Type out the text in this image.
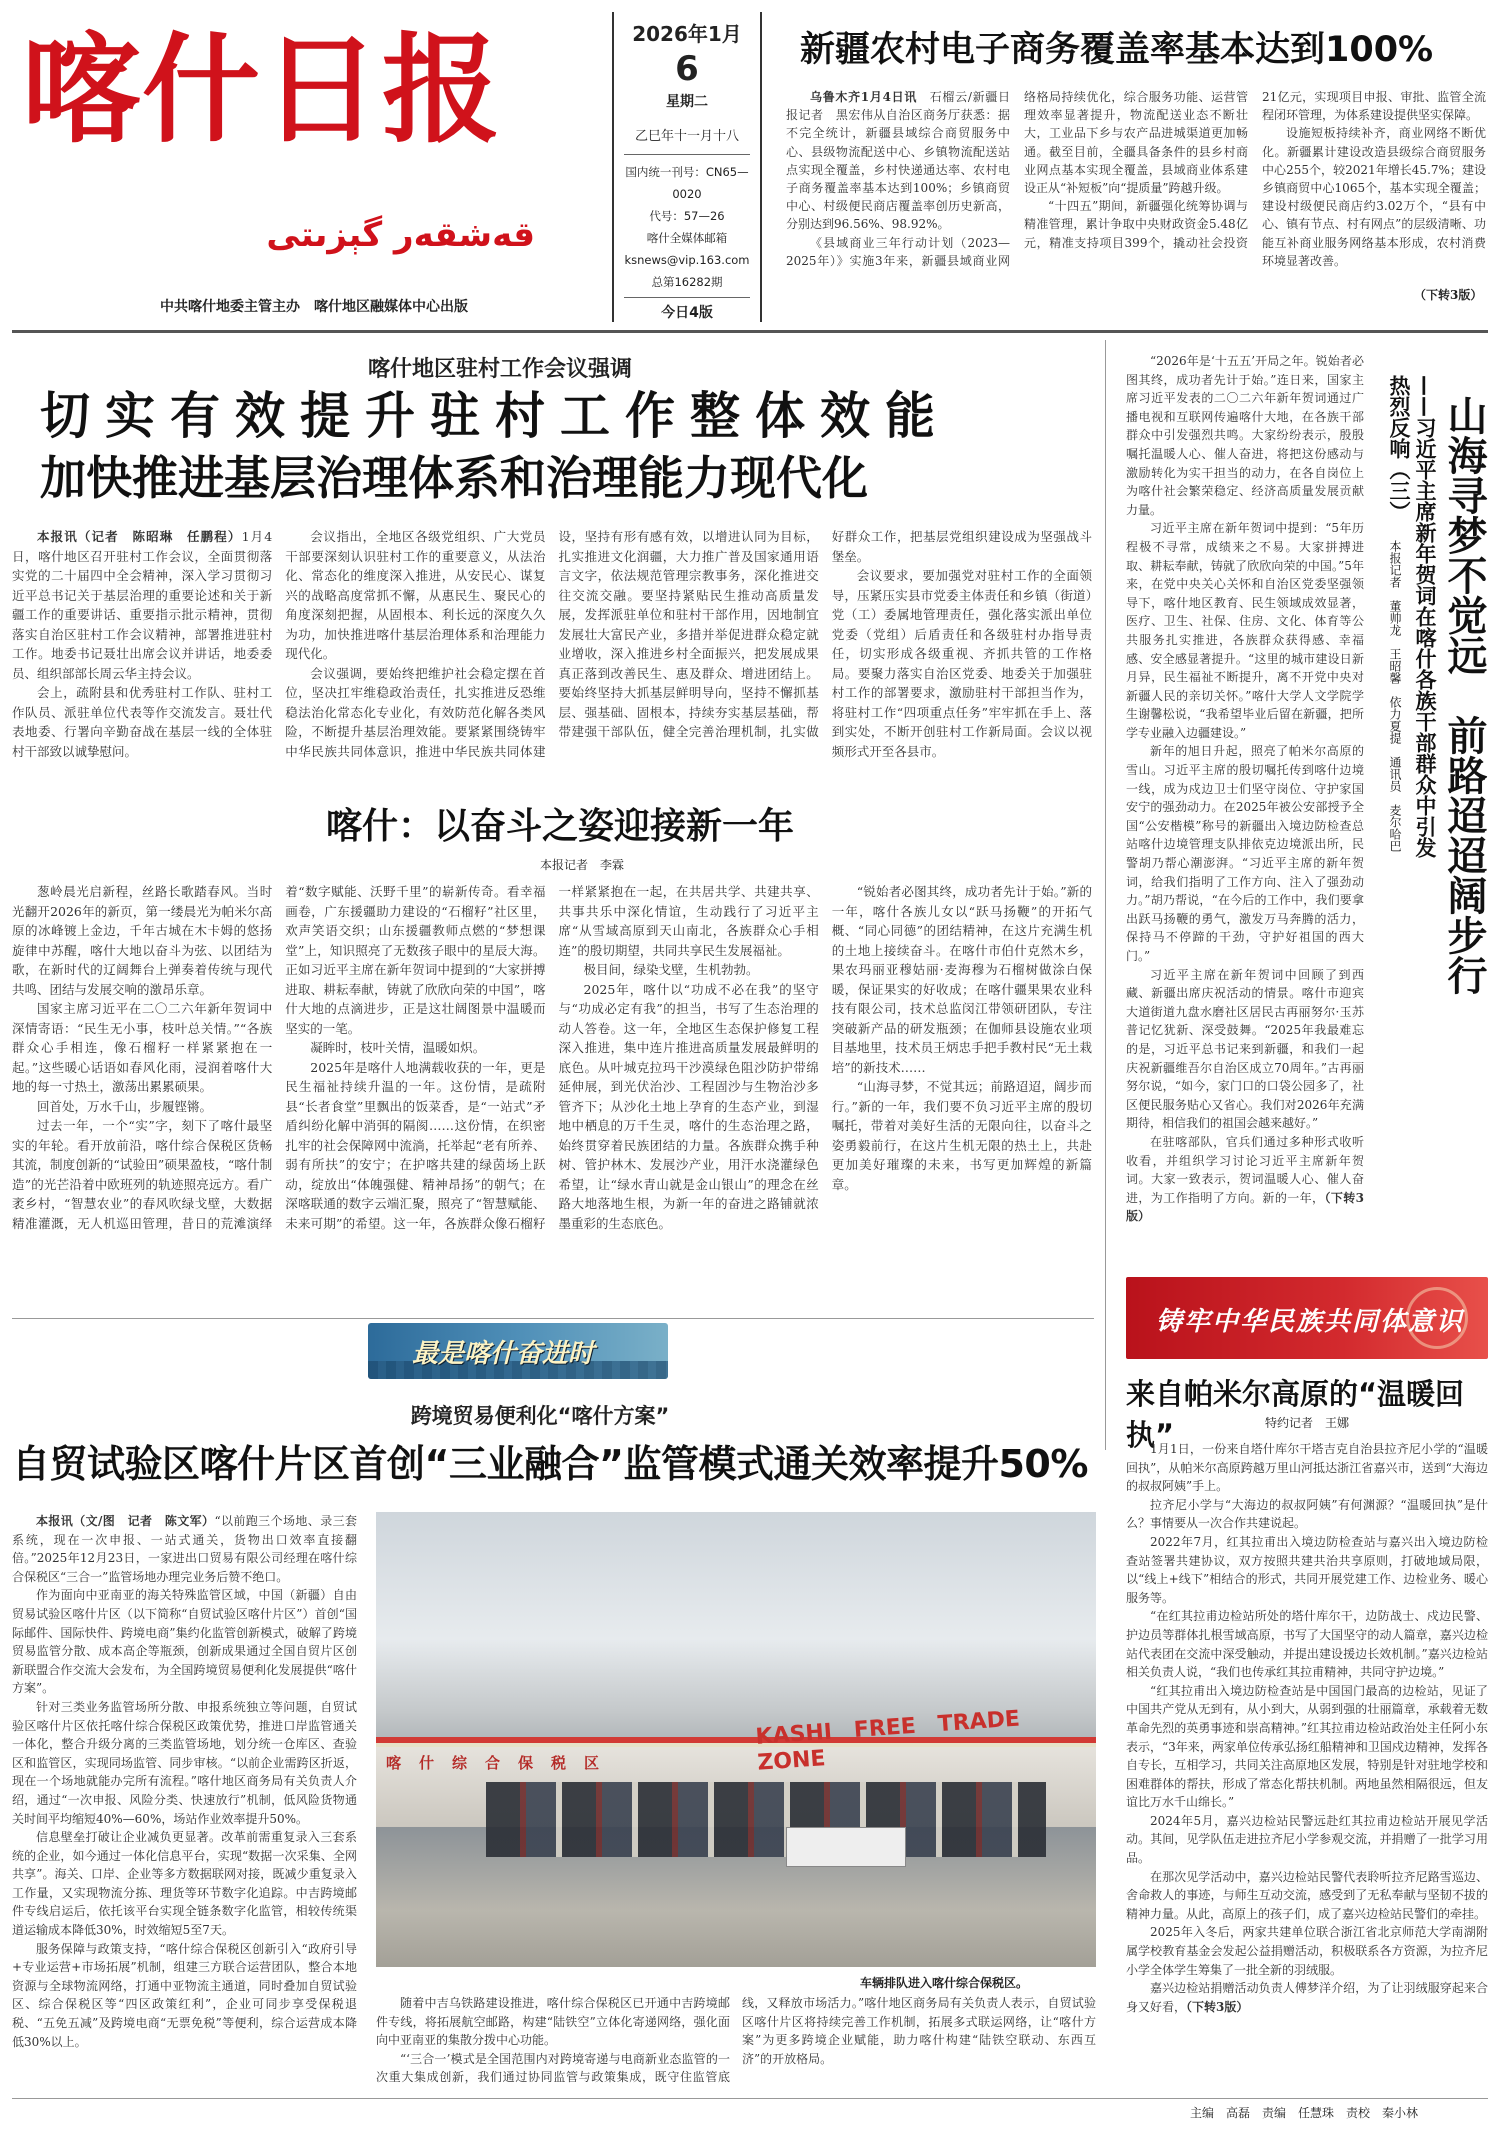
喀什日报
قەشقەر گېزىتى
中共喀什地委主管主办　喀什地区融媒体中心出版
2026年1月
6
星期二
乙巳年十一月十八
国内统一刊号：CN65—0020
代号：57—26
喀什全媒体邮箱
ksnews@vip.163.com
总第16282期
今日4版
新疆农村电子商务覆盖率基本达到100%

乌鲁木齐1月4日讯　 石榴云/新疆日报记者　黑宏伟从自治区商务厅获悉：据不完全统计，新疆县域综合商贸服务中心、县级物流配送中心、乡镇物流配送站点实现全覆盖，乡村快递通达率、农村电子商务覆盖率基本达到100%；乡镇商贸中心、村级便民商店覆盖率创历史新高，分别达到96.56%、98.92%。

《县域商业三年行动计划（2023—2025年）》实施3年来，新疆县域商业网络格局持续优化，综合服务功能、运营管理效率显著提升，物流配送业态不断壮大，工业品下乡与农产品进城渠道更加畅通。截至目前，全疆具备条件的县乡村商业网点基本实现全覆盖，县域商业体系建设正从“补短板”向“提质量”跨越升级。

“十四五”期间，新疆强化统筹协调与精准管理，累计争取中央财政资金5.48亿元，精准支持项目399个，撬动社会投资21亿元，实现项目申报、审批、监管全流程闭环管理，为体系建设提供坚实保障。

设施短板持续补齐，商业网络不断优化。新疆累计建设改造县级综合商贸服务中心255个，较2021年增长45.7%；建设乡镇商贸中心1065个，基本实现全覆盖；建设村级便民商店约3.02万个，“县有中心、镇有节点、村有网点”的层级清晰、功能互补商业服务网络基本形成，农村消费环境显著改善。

（下转3版）
喀什地区驻村工作会议强调
切实有效提升驻村工作整体效能
加快推进基层治理体系和治理能力现代化

本报讯（记者　陈昭琳　任鹏程）1月4日，喀什地区召开驻村工作会议，全面贯彻落实党的二十届四中全会精神，深入学习贯彻习近平总书记关于基层治理的重要论述和关于新疆工作的重要讲话、重要指示批示精神，贯彻落实自治区驻村工作会议精神，部署推进驻村工作。地委书记聂壮出席会议并讲话，地委委员、组织部部长周云华主持会议。

会上，疏附县和优秀驻村工作队、驻村工作队员、派驻单位代表等作交流发言。聂壮代表地委、行署向辛勤奋战在基层一线的全体驻村干部致以诚挚慰问。

会议指出，全地区各级党组织、广大党员干部要深刻认识驻村工作的重要意义，从法治化、常态化的维度深入推进，从安民心、谋复兴的战略高度常抓不懈，从惠民生、聚民心的角度深刻把握，从固根本、利长远的深度久久为功，加快推进喀什基层治理体系和治理能力现代化。

会议强调，要始终把维护社会稳定摆在首位，坚决扛牢维稳政治责任，扎实推进反恐维稳法治化常态化专业化，有效防范化解各类风险，不断提升基层治理效能。要紧紧围绕铸牢中华民族共同体意识，推进中华民族共同体建设，坚持有形有感有效，以增进认同为目标，扎实推进文化润疆，大力推广普及国家通用语言文字，依法规范管理宗教事务，深化推进交往交流交融。要坚持紧贴民生推动高质量发展，发挥派驻单位和驻村干部作用，因地制宜发展壮大富民产业，多措并举促进群众稳定就业增收，深入推进乡村全面振兴，把发展成果真正落到改善民生、惠及群众、增进团结上。要始终坚持大抓基层鲜明导向，坚持不懈抓基层、强基础、固根本，持续夯实基层基础，帮带建强干部队伍，健全完善治理机制，扎实做好群众工作，把基层党组织建设成为坚强战斗堡垒。

会议要求，要加强党对驻村工作的全面领导，压紧压实县市党委主体责任和乡镇（街道）党（工）委属地管理责任，强化落实派出单位党委（党组）后盾责任和各级驻村办指导责任，切实形成各级重视、齐抓共管的工作格局。要聚力落实自治区党委、地委关于加强驻村工作的部署要求，激励驻村干部担当作为，将驻村工作“四项重点任务”牢牢抓在手上、落到实处，不断开创驻村工作新局面。会议以视频形式开至各县市。

喀什：以奋斗之姿迎接新一年
本报记者　李霖

葱岭晨光启新程，丝路长歌踏春风。当时光翻开2026年的新页，第一缕晨光为帕米尔高原的冰峰镀上金边，千年古城在木卡姆的悠扬旋律中苏醒，喀什大地以奋斗为弦、以团结为歌，在新时代的辽阔舞台上弹奏着传统与现代共鸣、团结与发展交响的激昂乐章。

国家主席习近平在二〇二六年新年贺词中深情寄语：“民生无小事，枝叶总关情。”“各族群众心手相连，像石榴籽一样紧紧抱在一起。”这些暖心话语如春风化雨，浸润着喀什大地的每一寸热土，激荡出累累硕果。

回首处，万水千山，步履铿锵。

过去一年，一个“实”字，刻下了喀什最坚实的年轮。看开放前沿，喀什综合保税区货畅其流，制度创新的“试验田”硕果盈枝，“喀什制造”的光芒沿着中欧班列的轨迹照亮远方。看广袤乡村，“智慧农业”的春风吹绿戈壁，大数据精准灌溉，无人机巡田管理，昔日的荒滩演绎着“数字赋能、沃野千里”的崭新传奇。看幸福画卷，广东援疆助力建设的“石榴籽”社区里，欢声笑语交织；山东援疆教师点燃的“梦想课堂”上，知识照亮了无数孩子眼中的星辰大海。正如习近平主席在新年贺词中提到的“大家拼搏进取、耕耘奉献，铸就了欣欣向荣的中国”，喀什大地的点滴进步，正是这壮阔图景中温暖而坚实的一笔。

凝眸时，枝叶关情，温暖如炽。

2025年是喀什人地满载收获的一年，更是民生福祉持续升温的一年。这份情，是疏附县“长者食堂”里飘出的饭菜香，是“一站式”矛盾纠纷化解中消弭的隔阂……这份情，在织密扎牢的社会保障网中流淌，托举起“老有所养、弱有所扶”的安宁；在护喀共建的绿茵场上跃动，绽放出“体魄强健、精神昂扬”的朝气；在深喀联通的数字云端汇聚，照亮了“智慧赋能、未来可期”的希望。这一年，各族群众像石榴籽一样紧紧抱在一起，在共居共学、共建共享、共事共乐中深化情谊，生动践行了习近平主席“从雪域高原到天山南北，各族群众心手相连”的殷切期望，共同共享民生发展福祉。

极目间，绿染戈壁，生机勃勃。

2025年，喀什以“功成不必在我”的坚守与“功成必定有我”的担当，书写了生态治理的动人答卷。这一年，全地区生态保护修复工程深入推进，集中连片推进高质量发展最鲜明的底色。从叶城克拉玛干沙漠绿色阻沙防护带绵延伸展，到光伏治沙、工程固沙与生物治沙多管齐下；从沙化土地上孕育的生态产业，到湿地中栖息的万千生灵，喀什的生态治理之路，始终贯穿着民族团结的力量。各族群众携手种树、管护林木、发展沙产业，用汗水浇灌绿色希望，让“绿水青山就是金山银山”的理念在丝路大地落地生根，为新一年的奋进之路铺就浓墨重彩的生态底色。

“锐始者必图其终，成功者先计于始。”新的一年，喀什各族儿女以“跃马扬鞭”的开拓气概、“同心同德”的团结精神，在这片充满生机的土地上接续奋斗。在喀什市伯什克然木乡，果农玛丽亚穆姑丽·麦海穆为石榴树做涂白保暖，保证果实的好收成；在喀什疆果果农业科技有限公司，技术总监闵江带领研团队，专注突破新产品的研发瓶颈；在伽师县设施农业项目基地里，技术员王炳忠手把手教村民“无土栽培”的新技术……

“山海寻梦，不觉其远；前路迢迢，阔步而行。”新的一年，我们要不负习近平主席的殷切嘱托，带着对美好生活的无限向往，以奋斗之姿勇毅前行，在这片生机无限的热土上，共赴更加美好璀璨的未来，书写更加辉煌的新篇章。

“2026年是‘十五五’开局之年。锐始者必图其终，成功者先计于始。”连日来，国家主席习近平发表的二〇二六年新年贺词通过广播电视和互联网传遍喀什大地，在各族干部群众中引发强烈共鸣。大家纷纷表示，殷殷嘱托温暖人心、催人奋进，将把这份感动与激励转化为实干担当的动力，在各自岗位上为喀什社会繁荣稳定、经济高质量发展贡献力量。

习近平主席在新年贺词中提到：“5年历程极不寻常，成绩来之不易。大家拼搏进取、耕耘奉献，铸就了欣欣向荣的中国。”5年来，在党中央关心关怀和自治区党委坚强领导下，喀什地区教育、民生领域成效显著，医疗、卫生、社保、住房、文化、体育等公共服务扎实推进，各族群众获得感、幸福感、安全感显著提升。“这里的城市建设日新月异，民生福祉不断提升，离不开党中央对新疆人民的亲切关怀。”喀什大学人文学院学生谢馨松说，“我希望毕业后留在新疆，把所学专业融入边疆建设。”

新年的旭日升起，照亮了帕米尔高原的雪山。习近平主席的殷切嘱托传到喀什边境一线，成为戍边卫士们坚守岗位、守护家国安宁的强劲动力。在2025年被公安部授予全国“公安楷模”称号的新疆出入境边防检查总站喀什边境管理支队排依克边境派出所，民警胡乃帮心潮澎湃。“习近平主席的新年贺词，给我们指明了工作方向、注入了强劲动力。”胡乃帮说，“在今后的工作中，我们要拿出跃马扬鞭的勇气，激发万马奔腾的活力，保持马不停蹄的干劲，守护好祖国的西大门。”

习近平主席在新年贺词中回顾了到西藏、新疆出席庆祝活动的情景。喀什市迎宾大道街道九盘水磨社区居民古再丽努尔·玉苏普记忆犹新、深受鼓舞。“2025年我最难忘的是，习近平总书记来到新疆，和我们一起庆祝新疆维吾尔自治区成立70周年。”古再丽努尔说，“如今，家门口的口袋公园多了，社区便民服务贴心又省心。我们对2026年充满期待，相信我们的祖国会越来越好。”

在驻喀部队，官兵们通过多种形式收听收看，并组织学习讨论习近平主席新年贺词。大家一致表示，贺词温暖人心、催人奋进，为工作指明了方向。新的一年，（下转3版）

山海寻梦不觉远　前路迢迢阔步行
——习近平主席新年贺词在喀什各族干部群众中引发热烈反响（三）
本报记者　董帅龙　王昭馨　依力夏提　通讯员　麦尔哈巴
铸牢中华民族共同体意识
来自帕米尔高原的“温暖回执”	特约记者　王娜

1月1日，一份来自塔什库尔干塔吉克自治县拉齐尼小学的“温暖回执”，从帕米尔高原跨越万里山河抵达浙江省嘉兴市，送到“大海边的叔叔阿姨”手上。

拉齐尼小学与“大海边的叔叔阿姨”有何渊源？“温暖回执”是什么？事情要从一次合作共建说起。

2022年7月，红其拉甫出入境边防检查站与嘉兴出入境边防检查站签署共建协议，双方按照共建共治共享原则，打破地域局限，以“线上+线下”相结合的形式，共同开展党建工作、边检业务、暖心服务等。

“在红其拉甫边检站所处的塔什库尔干，边防战士、戍边民警、护边员等群体扎根雪域高原，书写了大国坚守的动人篇章，嘉兴边检站代表团在交流中深受触动，并提出建设援边长效机制。”嘉兴边检站相关负责人说，“我们也传承红其拉甫精神，共同守护边境。”

“红其拉甫出入境边防检查站是中国国门最高的边检站，见证了中国共产党从无到有，从小到大，从弱到强的壮丽篇章，承载着无数革命先烈的英勇事迹和崇高精神。”红其拉甫边检站政治处主任阿小东表示，“3年来，两家单位传承弘扬红船精神和卫国戍边精神，发挥各自专长，互相学习，共同关注高原地区发展，特别是针对驻地学校和困难群体的帮扶，形成了常态化帮扶机制。两地虽然相隔很远，但友谊比万水千山绵长。”

2024年5月，嘉兴边检站民警远赴红其拉甫边检站开展见学活动。其间，见学队伍走进拉齐尼小学参观交流，并捐赠了一批学习用品。

在那次见学活动中，嘉兴边检站民警代表聆听拉齐尼路雪巡边、舍命救人的事迹，与师生互动交流，感受到了无私奉献与坚韧不拔的精神力量。从此，高原上的孩子们，成了嘉兴边检站民警们的牵挂。

2025年入冬后，两家共建单位联合浙江省北京师范大学南湖附属学校教育基金会发起公益捐赠活动，积极联系各方资源，为拉齐尼小学全体学生筹集了一批全新的羽绒服。

嘉兴边检站捐赠活动负责人傅梦洋介绍，为了让羽绒服穿起来合身又好看，（下转3版）

最是喀什奋进时
跨境贸易便利化“喀什方案”
自贸试验区喀什片区首创“三业融合”监管模式通关效率提升50%

本报讯（文/图　记者　陈文军）“以前跑三个场地、录三套系统，现在一次申报、一站式通关，货物出口效率直接翻倍。”2025年12月23日，一家进出口贸易有限公司经理在喀什综合保税区“三合一”监管场地办理完业务后赞不绝口。

作为面向中亚南亚的海关特殊监管区域，中国（新疆）自由贸易试验区喀什片区（以下简称“自贸试验区喀什片区”）首创“国际邮件、国际快件、跨境电商”集约化监管创新模式，破解了跨境贸易监管分散、成本高企等瓶颈，创新成果通过全国自贸片区创新联盟合作交流大会发布，为全国跨境贸易便利化发展提供“喀什方案”。

针对三类业务监管场所分散、申报系统独立等问题，自贸试验区喀什片区依托喀什综合保税区政策优势，推进口岸监管通关一体化，整合升级分离的三类监管场地，划分统一仓库区、查验区和监管区，实现同场监管、同步审核。“以前企业需跨区折返，现在一个场地就能办完所有流程。”喀什地区商务局有关负责人介绍，通过“一次申报、风险分类、快速放行”机制，低风险货物通关时间平均缩短40%—60%，场站作业效率提升50%。

信息壁垒打破让企业减负更显著。改革前需重复录入三套系统的企业，如今通过一体化信息平台，实现“数据一次采集、全网共享”。海关、口岸、企业等多方数据联网对接，既减少重复录入工作量，又实现物流分拣、理货等环节数字化追踪。中吉跨境邮件专线启运后，依托该平台实现全链条数字化监管，相较传统渠道运输成本降低30%，时效缩短5至7天。

服务保障与政策支持，“喀什综合保税区创新引入“政府引导+专业运营+市场拓展”机制，组建三方联合运营团队，整合本地资源与全球物流网络，打通中亚物流主通道，同时叠加自贸试验区、综合保税区等“四区政策红利”，企业可同步享受保税退税、“五免五减”及跨境电商“无票免税”等便利，综合运营成本降低30%以上。

喀什综合保税区
KASHI　FREE　TRADE　ZONE
车辆排队进入喀什综合保税区。

随着中吉乌铁路建设推进，喀什综合保税区已开通中吉跨境邮件专线，将拓展航空邮路，构建“陆铁空”立体化寄递网络，强化面向中亚南亚的集散分拨中心功能。

“‘三合一’模式是全国范围内对跨境寄递与电商新业态监管的一次重大集成创新，我们通过协同监管与政策集成，既守住监管底线，又释放市场活力。”喀什地区商务局有关负责人表示，自贸试验区喀什片区将持续完善工作机制，拓展多式联运网络，让“喀什方案”为更多跨境企业赋能，助力喀什构建“陆铁空联动、东西互济”的开放格局。

主编　高磊　责编　任慧珠　责校　秦小林
